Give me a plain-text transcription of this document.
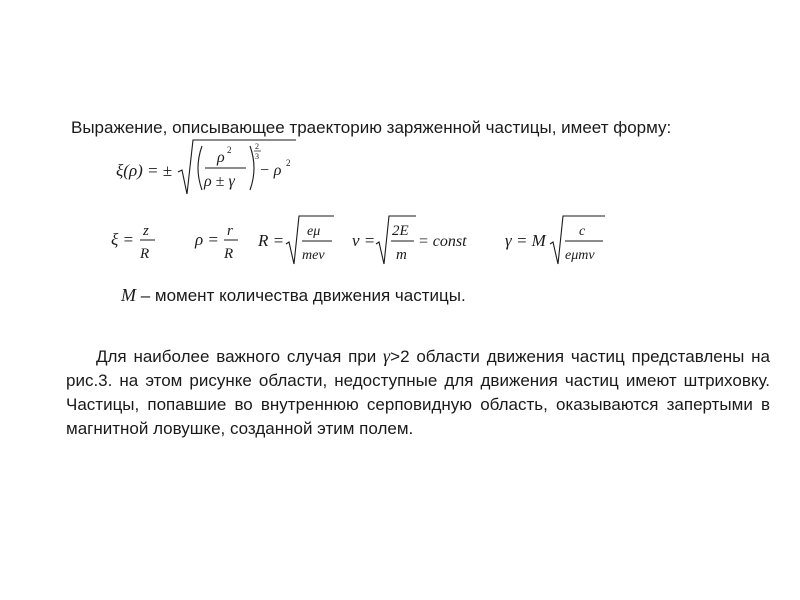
Выражение, описывающее траекторию заряженной частицы, имеет форму:
ξ(ρ) = ±
ρ 2
ρ ± γ
2
3
− ρ 2
ξ = z
R
ρ = r
R
R = eμ
mev
v = 2E
m
= const γ = M c
eμmv
M – момент количества движения частицы.
Для наиболее важного случая при γ>2 области движения частиц представлены на рис.3. на этом рисунке области, недоступные для движения частиц имеют штриховку. Частицы, попавшие во внутреннюю серповидную область, оказываются запертыми в магнитной ловушке, созданной этим полем.
